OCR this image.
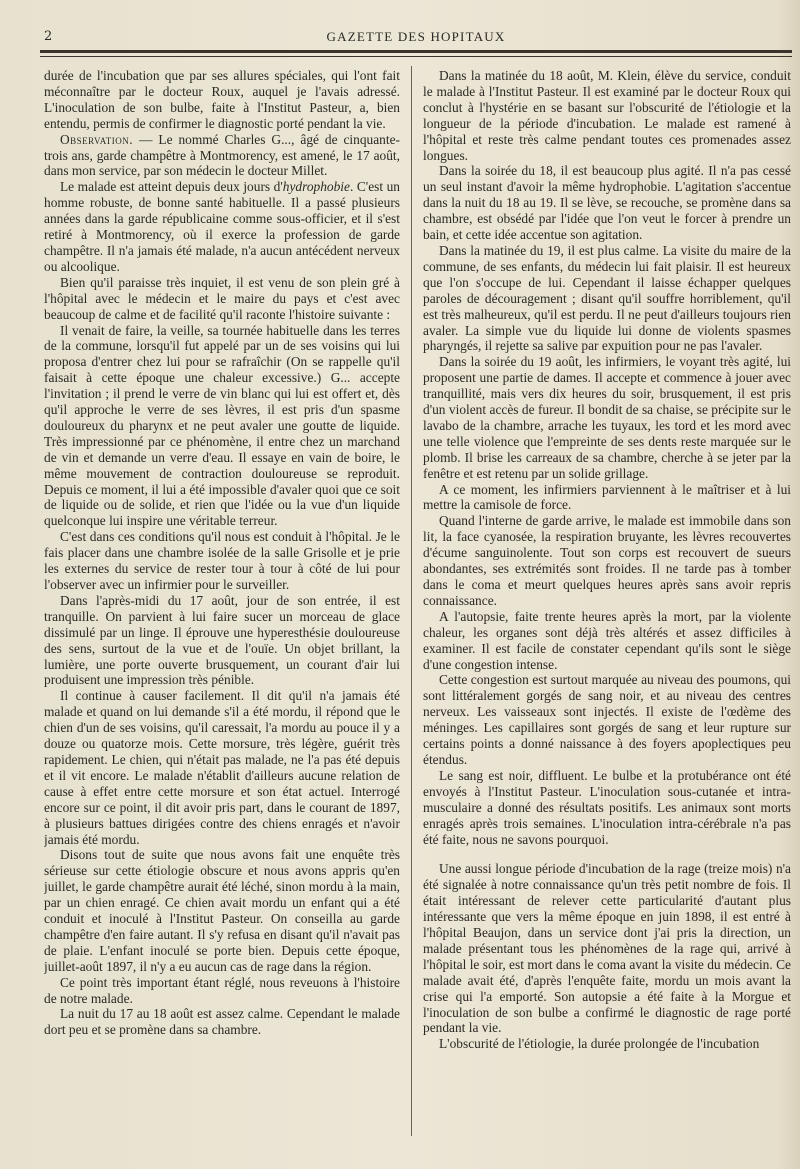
2	GAZETTE DES HOPITAUX

durée de l'incubation que par ses allures spéciales, qui l'ont fait méconnaître par le docteur Roux, auquel je l'avais adressé. L'inoculation de son bulbe, faite à l'Institut Pasteur, a, bien entendu, permis de confirmer le diagnostic porté pendant la vie.

Observation. — Le nommé Charles G..., âgé de cinquante-trois ans, garde champêtre à Montmorency, est amené, le 17 août, dans mon service, par son médecin le docteur Millet.

Le malade est atteint depuis deux jours d'hydrophobie. C'est un homme robuste, de bonne santé habituelle. Il a passé plusieurs années dans la garde républicaine comme sous-officier, et il s'est retiré à Montmorency, où il exerce la profession de garde champêtre. Il n'a jamais été malade, n'a aucun antécédent nerveux ou alcoolique.

Bien qu'il paraisse très inquiet, il est venu de son plein gré à l'hôpital avec le médecin et le maire du pays et c'est avec beaucoup de calme et de facilité qu'il raconte l'histoire suivante :

Il venait de faire, la veille, sa tournée habituelle dans les terres de la commune, lorsqu'il fut appelé par un de ses voisins qui lui proposa d'entrer chez lui pour se rafraîchir (On se rappelle qu'il faisait à cette époque une chaleur excessive.) G... accepte l'invitation ; il prend le verre de vin blanc qui lui est offert et, dès qu'il approche le verre de ses lèvres, il est pris d'un spasme douloureux du pharynx et ne peut avaler une goutte de liquide. Très impressionné par ce phénomène, il entre chez un marchand de vin et demande un verre d'eau. Il essaye en vain de boire, le même mouvement de contraction douloureuse se reproduit. Depuis ce moment, il lui a été impossible d'avaler quoi que ce soit de liquide ou de solide, et rien que l'idée ou la vue d'un liquide quelconque lui inspire une véritable terreur.

C'est dans ces conditions qu'il nous est conduit à l'hôpital. Je le fais placer dans une chambre isolée de la salle Grisolle et je prie les externes du service de rester tour à tour à côté de lui pour l'observer avec un infirmier pour le surveiller.

Dans l'après-midi du 17 août, jour de son entrée, il est tranquille. On parvient à lui faire sucer un morceau de glace dissimulé par un linge. Il éprouve une hyperesthésie douloureuse des sens, surtout de la vue et de l'ouïe. Un objet brillant, la lumière, une porte ouverte brusquement, un courant d'air lui produisent une impression très pénible.

Il continue à causer facilement. Il dit qu'il n'a jamais été malade et quand on lui demande s'il a été mordu, il répond que le chien d'un de ses voisins, qu'il caressait, l'a mordu au pouce il y a douze ou quatorze mois. Cette morsure, très légère, guérit très rapidement. Le chien, qui n'était pas malade, ne l'a pas été depuis et il vit encore. Le malade n'établit d'ailleurs aucune relation de cause à effet entre cette morsure et son état actuel. Interrogé encore sur ce point, il dit avoir pris part, dans le courant de 1897, à plusieurs battues dirigées contre des chiens enragés et n'avoir jamais été mordu.

Disons tout de suite que nous avons fait une enquête très sérieuse sur cette étiologie obscure et nous avons appris qu'en juillet, le garde champêtre aurait été léché, sinon mordu à la main, par un chien enragé. Ce chien avait mordu un enfant qui a été conduit et inoculé à l'Institut Pasteur. On conseilla au garde champêtre d'en faire autant. Il s'y refusa en disant qu'il n'avait pas de plaie. L'enfant inoculé se porte bien. Depuis cette époque, juillet-août 1897, il n'y a eu aucun cas de rage dans la région.

Ce point très important étant réglé, nous reveuons à l'histoire de notre malade.

La nuit du 17 au 18 août est assez calme. Cependant le malade dort peu et se promène dans sa chambre.

Dans la matinée du 18 août, M. Klein, élève du service, conduit le malade à l'Institut Pasteur. Il est examiné par le docteur Roux qui conclut à l'hystérie en se basant sur l'obscurité de l'étiologie et la longueur de la période d'incubation. Le malade est ramené à l'hôpital et reste très calme pendant toutes ces promenades assez longues.

Dans la soirée du 18, il est beaucoup plus agité. Il n'a pas cessé un seul instant d'avoir la même hydrophobie. L'agitation s'accentue dans la nuit du 18 au 19. Il se lève, se recouche, se promène dans sa chambre, est obsédé par l'idée que l'on veut le forcer à prendre un bain, et cette idée accentue son agitation.

Dans la matinée du 19, il est plus calme. La visite du maire de la commune, de ses enfants, du médecin lui fait plaisir. Il est heureux que l'on s'occupe de lui. Cependant il laisse échapper quelques paroles de découragement ; disant qu'il souffre horriblement, qu'il est très malheureux, qu'il est perdu. Il ne peut d'ailleurs toujours rien avaler. La simple vue du liquide lui donne de violents spasmes pharyngés, il rejette sa salive par expuition pour ne pas l'avaler.

Dans la soirée du 19 août, les infirmiers, le voyant très agité, lui proposent une partie de dames. Il accepte et commence à jouer avec tranquillité, mais vers dix heures du soir, brusquement, il est pris d'un violent accès de fureur. Il bondit de sa chaise, se précipite sur le lavabo de la chambre, arrache les tuyaux, les tord et les mord avec une telle violence que l'empreinte de ses dents reste marquée sur le plomb. Il brise les carreaux de sa chambre, cherche à se jeter par la fenêtre et est retenu par un solide grillage.

A ce moment, les infirmiers parviennent à le maîtriser et à lui mettre la camisole de force.

Quand l'interne de garde arrive, le malade est immobile dans son lit, la face cyanosée, la respiration bruyante, les lèvres recouvertes d'écume sanguinolente. Tout son corps est recouvert de sueurs abondantes, ses extrémités sont froides. Il ne tarde pas à tomber dans le coma et meurt quelques heures après sans avoir repris connaissance.

A l'autopsie, faite trente heures après la mort, par la violente chaleur, les organes sont déjà très altérés et assez difficiles à examiner. Il est facile de constater cependant qu'ils sont le siège d'une congestion intense.

Cette congestion est surtout marquée au niveau des poumons, qui sont littéralement gorgés de sang noir, et au niveau des centres nerveux. Les vaisseaux sont injectés. Il existe de l'œdème des méninges. Les capillaires sont gorgés de sang et leur rupture sur certains points a donné naissance à des foyers apoplectiques peu étendus.

Le sang est noir, diffluent. Le bulbe et la protubérance ont été envoyés à l'Institut Pasteur. L'inoculation sous-cutanée et intra-musculaire a donné des résultats positifs. Les animaux sont morts enragés après trois semaines. L'inoculation intra-cérébrale n'a pas été faite, nous ne savons pourquoi.

Une aussi longue période d'incubation de la rage (treize mois) n'a été signalée à notre connaissance qu'un très petit nombre de fois. Il était intéressant de relever cette particularité d'autant plus intéressante que vers la même époque en juin 1898, il est entré à l'hôpital Beaujon, dans un service dont j'ai pris la direction, un malade présentant tous les phénomènes de la rage qui, arrivé à l'hôpital le soir, est mort dans le coma avant la visite du médecin. Ce malade avait été, d'après l'enquête faite, mordu un mois avant la crise qui l'a emporté. Son autopsie a été faite à la Morgue et l'inoculation de son bulbe a confirmé le diagnostic de rage porté pendant la vie.

L'obscurité de l'étiologie, la durée prolongée de l'incubation
